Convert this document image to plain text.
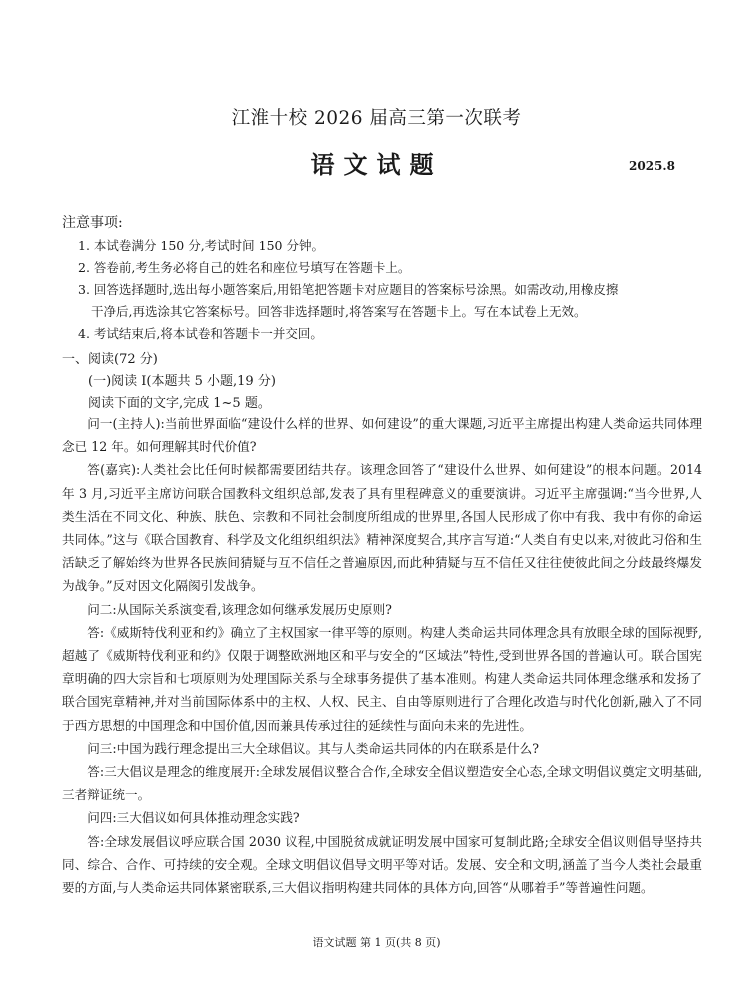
江淮十校 2026 届高三第一次联考
语文试题	2025.8
注意事项:
1. 本试卷满分 150 分,考试时间 150 分钟。
2. 答卷前,考生务必将自己的姓名和座位号填写在答题卡上。
3. 回答选择题时,选出每小题答案后,用铅笔把答题卡对应题目的答案标号涂黑。如需改动,用橡皮擦
干净后,再选涂其它答案标号。回答非选择题时,将答案写在答题卡上。写在本试卷上无效。
4. 考试结束后,将本试卷和答题卡一并交回。
一、阅读(72 分)
(一)阅读 I(本题共 5 小题,19 分)
阅读下面的文字,完成 1~5 题。

问一(主持人):当前世界面临“建设什么样的世界、如何建设”的重大课题,习近平主席提出构建人类命运共同体理念已 12 年。如何理解其时代价值?

答(嘉宾):人类社会比任何时候都需要团结共存。该理念回答了“建设什么世界、如何建设”的根本问题。2014 年 3 月,习近平主席访问联合国教科文组织总部,发表了具有里程碑意义的重要演讲。习近平主席强调:“当今世界,人类生活在不同文化、种族、肤色、宗教和不同社会制度所组成的世界里,各国人民形成了你中有我、我中有你的命运共同体。”这与《联合国教育、科学及文化组织组织法》精神深度契合,其序言写道:“人类自有史以来,对彼此习俗和生活缺乏了解始终为世界各民族间猜疑与互不信任之普遍原因,而此种猜疑与互不信任又往往使彼此间之分歧最终爆发为战争。”反对因文化隔阂引发战争。

问二:从国际关系演变看,该理念如何继承发展历史原则?

答:《威斯特伐利亚和约》确立了主权国家一律平等的原则。构建人类命运共同体理念具有放眼全球的国际视野,超越了《威斯特伐利亚和约》仅限于调整欧洲地区和平与安全的“区域法”特性,受到世界各国的普遍认可。联合国宪章明确的四大宗旨和七项原则为处理国际关系与全球事务提供了基本准则。构建人类命运共同体理念继承和发扬了联合国宪章精神,并对当前国际体系中的主权、人权、民主、自由等原则进行了合理化改造与时代化创新,融入了不同于西方思想的中国理念和中国价值,因而兼具传承过往的延续性与面向未来的先进性。

问三:中国为践行理念提出三大全球倡议。其与人类命运共同体的内在联系是什么?

答:三大倡议是理念的维度展开:全球发展倡议整合合作,全球安全倡议塑造安全心态,全球文明倡议奠定文明基础,三者辩证统一。

问四:三大倡议如何具体推动理念实践?

答:全球发展倡议呼应联合国 2030 议程,中国脱贫成就证明发展中国家可复制此路;全球安全倡议则倡导坚持共同、综合、合作、可持续的安全观。全球文明倡议倡导文明平等对话。发展、安全和文明,涵盖了当今人类社会最重要的方面,与人类命运共同体紧密联系,三大倡议指明构建共同体的具体方向,回答“从哪着手”等普遍性问题。

语文试题 第 1 页(共 8 页)
